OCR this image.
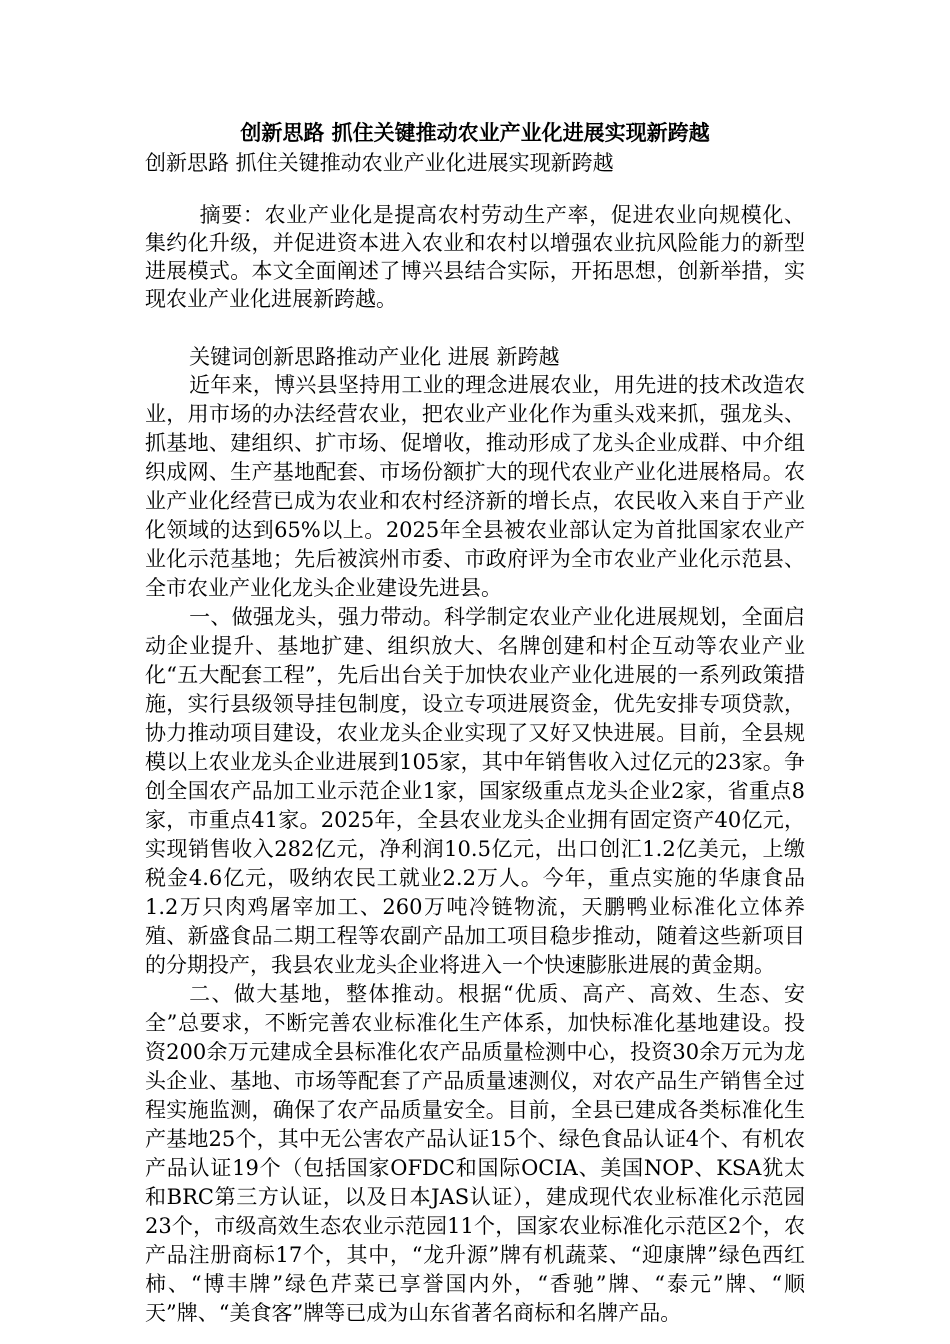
创新思路 抓住关键推动农业产业化进展实现新跨越

创新思路 抓住关键推动农业产业化进展实现新跨越

摘要：农业产业化是提高农村劳动生产率，促进农业向规模化、集约化升级，并促进资本进入农业和农村以增强农业抗风险能力的新型进展模式。本文全面阐述了博兴县结合实际，开拓思想，创新举措，实现农业产业化进展新跨越。

关键词创新思路推动产业化 进展 新跨越

近年来，博兴县坚持用工业的理念进展农业，用先进的技术改造农业，用市场的办法经营农业，把农业产业化作为重头戏来抓，强龙头、抓基地、建组织、扩市场、促增收，推动形成了龙头企业成群、中介组织成网、生产基地配套、市场份额扩大的现代农业产业化进展格局。农业产业化经营已成为农业和农村经济新的增长点，农民收入来自于产业化领域的达到65%以上。2025年全县被农业部认定为首批国家农业产业化示范基地；先后被滨州市委、市政府评为全市农业产业化示范县、全市农业产业化龙头企业建设先进县。

一、做强龙头，强力带动。科学制定农业产业化进展规划，全面启动企业提升、基地扩建、组织放大、名牌创建和村企互动等农业产业化“五大配套工程”，先后出台关于加快农业产业化进展的一系列政策措施，实行县级领导挂包制度，设立专项进展资金，优先安排专项贷款，协力推动项目建设，农业龙头企业实现了又好又快进展。目前，全县规模以上农业龙头企业进展到105家，其中年销售收入过亿元的23家。争创全国农产品加工业示范企业1家，国家级重点龙头企业2家，省重点8家，市重点41家。2025年，全县农业龙头企业拥有固定资产40亿元，实现销售收入282亿元，净利润10.5亿元，出口创汇1.2亿美元，上缴税金4.6亿元，吸纳农民工就业2.2万人。今年，重点实施的华康食品1.2万只肉鸡屠宰加工、260万吨冷链物流，天鹏鸭业标准化立体养殖、新盛食品二期工程等农副产品加工项目稳步推动，随着这些新项目的分期投产，我县农业龙头企业将进入一个快速膨胀进展的黄金期。

二、做大基地，整体推动。根据“优质、高产、高效、生态、安全”总要求，不断完善农业标准化生产体系，加快标准化基地建设。投资200余万元建成全县标准化农产品质量检测中心，投资30余万元为龙头企业、基地、市场等配套了产品质量速测仪，对农产品生产销售全过程实施监测，确保了农产品质量安全。目前，全县已建成各类标准化生产基地25个，其中无公害农产品认证15个、绿色食品认证4个、有机农产品认证19个（包括国家OFDC和国际OCIA、美国NOP、KSA犹太和BRC第三方认证，以及日本JAS认证），建成现代农业标准化示范园23个，市级高效生态农业示范园11个，国家农业标准化示范区2个，农产品注册商标17个，其中，“龙升源”牌有机蔬菜、“迎康牌”绿色西红柿、“博丰牌”绿色芹菜已享誉国内外，“香驰”牌、“泰元”牌、“顺天”牌、“美食客”牌等已成为山东省著名商标和名牌产品。
